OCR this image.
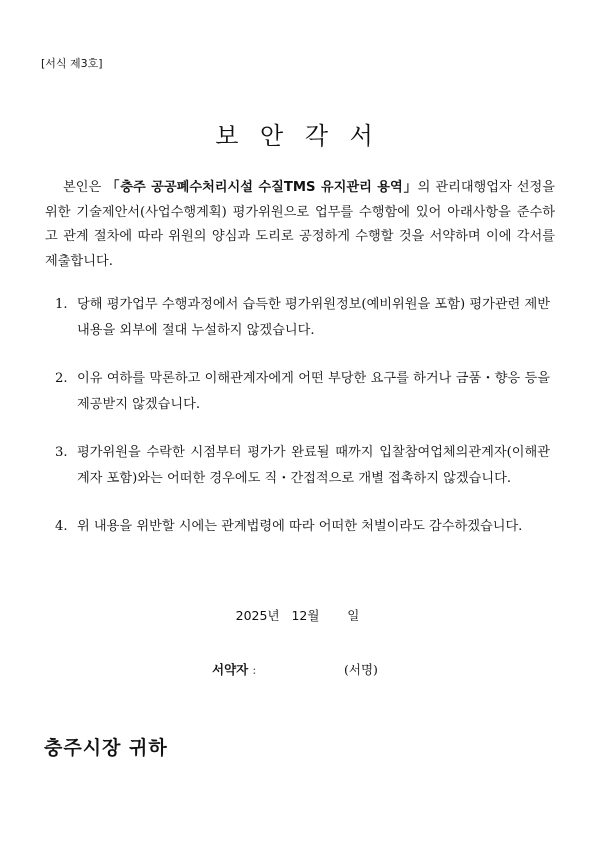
[서식 제3호]
보 안 각 서

본인은 「충주 공공폐수처리시설 수질TMS 유지관리 용역」의 관리대행업자 선정을 위한 기술제안서(사업수행계획) 평가위원으로 업무를 수행함에 있어 아래사항을 준수하고 관계 절차에 따라 위원의 양심과 도리로 공정하게 수행할 것을 서약하며 이에 각서를 제출합니다.

1. 당해 평가업무 수행과정에서 습득한 평가위원정보(예비위원을 포함) 평가관련 제반 내용을 외부에 절대 누설하지 않겠습니다.
2. 이유 여하를 막론하고 이해관계자에게 어떤 부당한 요구를 하거나 금품・향응 등을 제공받지 않겠습니다.
3. 평가위원을 수락한 시점부터 평가가 완료될 때까지 입찰참여업체의관계자(이해관계자 포함)와는 어떠한 경우에도 직・간접적으로 개별 접촉하지 않겠습니다.
4. 위 내용을 위반할 시에는 관계법령에 따라 어떠한 처벌이라도 감수하겠습니다.
2025년   12월       일
서약자 :	(서명)
충주시장 귀하
